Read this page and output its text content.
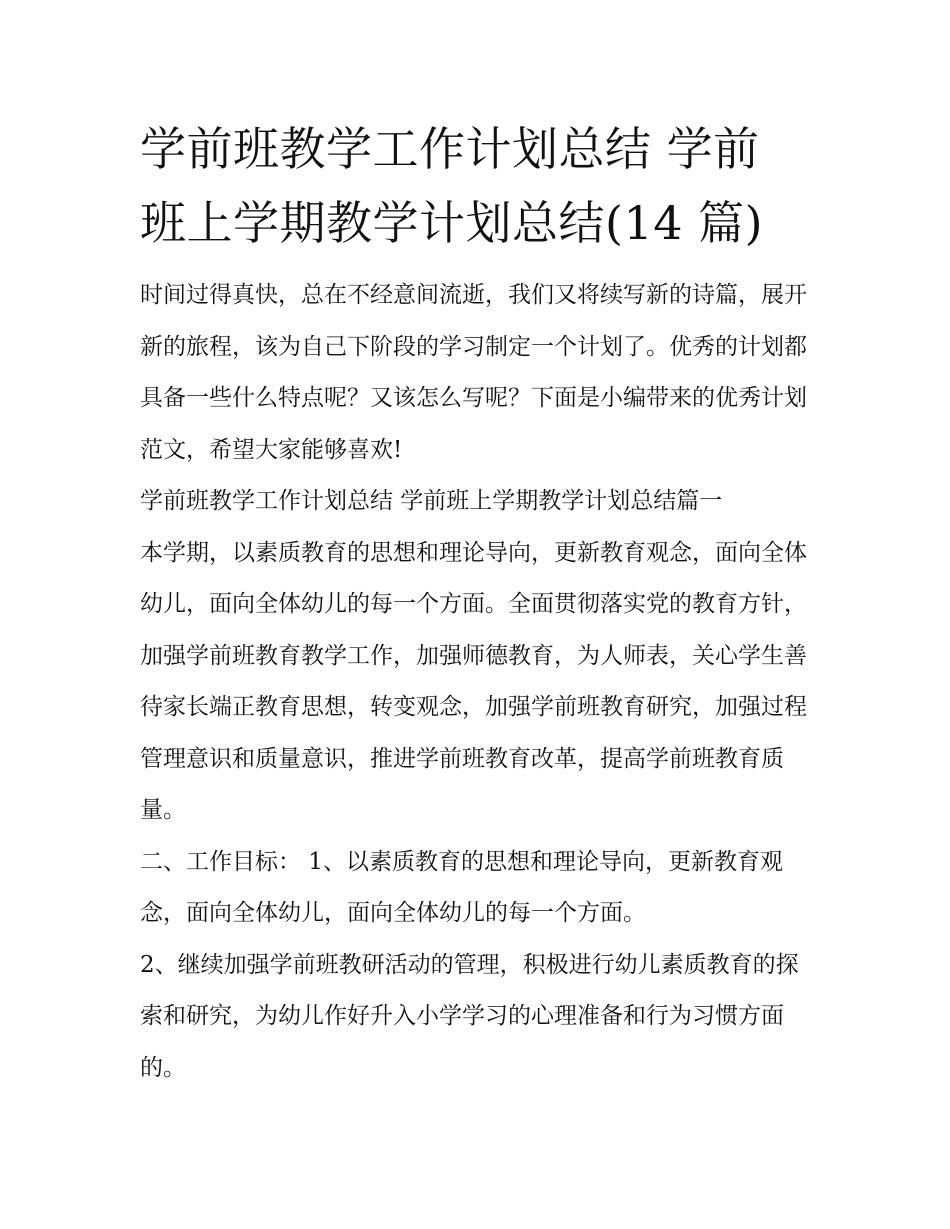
学前班教学工作计划总结 学前
班上学期教学计划总结(14 篇)

时间过得真快，总在不经意间流逝，我们又将续写新的诗篇，展开新的旅程，该为自己下阶段的学习制定一个计划了。优秀的计划都具备一些什么特点呢？又该怎么写呢？下面是小编带来的优秀计划范文，希望大家能够喜欢!

学前班教学工作计划总结 学前班上学期教学计划总结篇一

本学期，以素质教育的思想和理论导向，更新教育观念，面向全体幼儿，面向全体幼儿的每一个方面。全面贯彻落实党的教育方针，加强学前班教育教学工作，加强师德教育，为人师表，关心学生善待家长端正教育思想，转变观念，加强学前班教育研究，加强过程管理意识和质量意识，推进学前班教育改革，提高学前班教育质量。

二、工作目标： 1、以素质教育的思想和理论导向，更新教育观念，面向全体幼儿，面向全体幼儿的每一个方面。

2、继续加强学前班教研活动的管理，积极进行幼儿素质教育的探索和研究，为幼儿作好升入小学学习的心理准备和行为习惯方面的。
